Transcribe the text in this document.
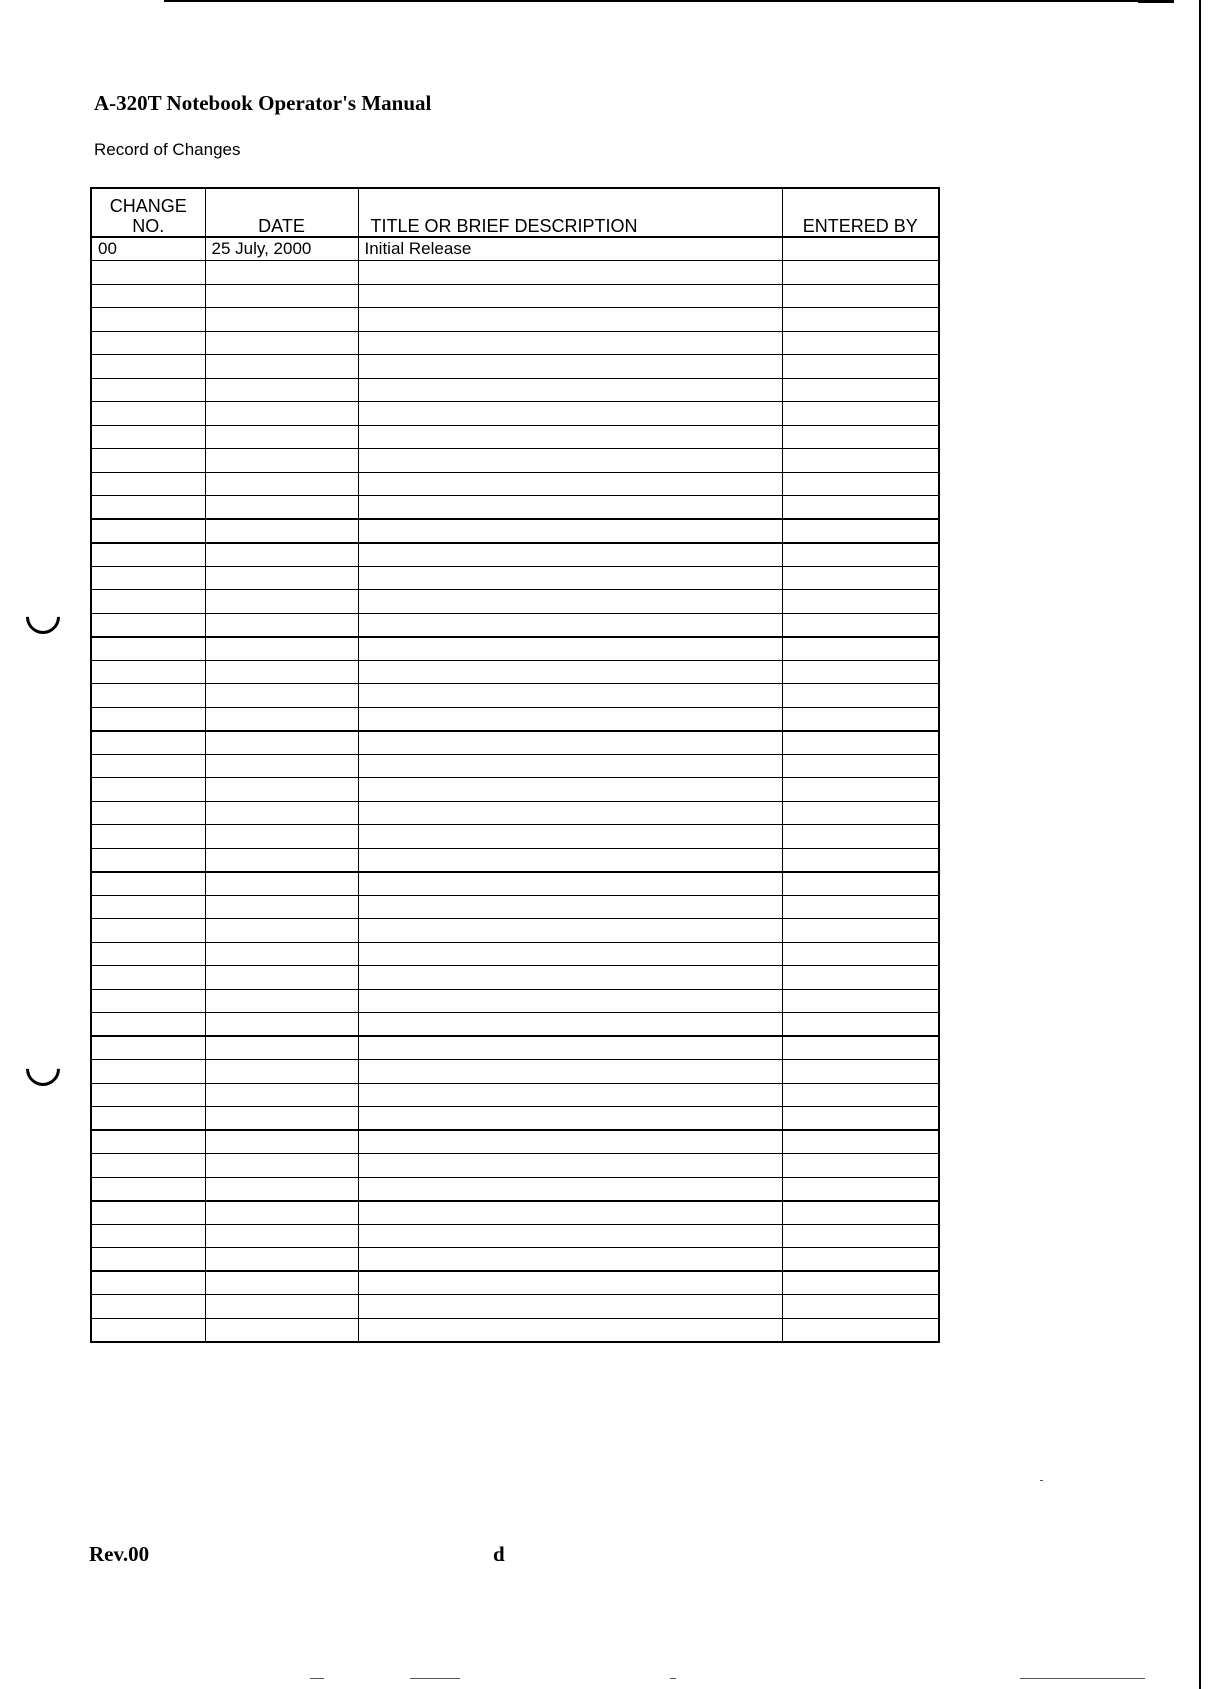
A-320T Notebook Operator's Manual
Record of Changes
CHANGE
NO.	DATE	TITLE OR BRIEF DESCRIPTION	ENTERED BY
00	25 July, 2000	Initial Release	

Rev.00	d
